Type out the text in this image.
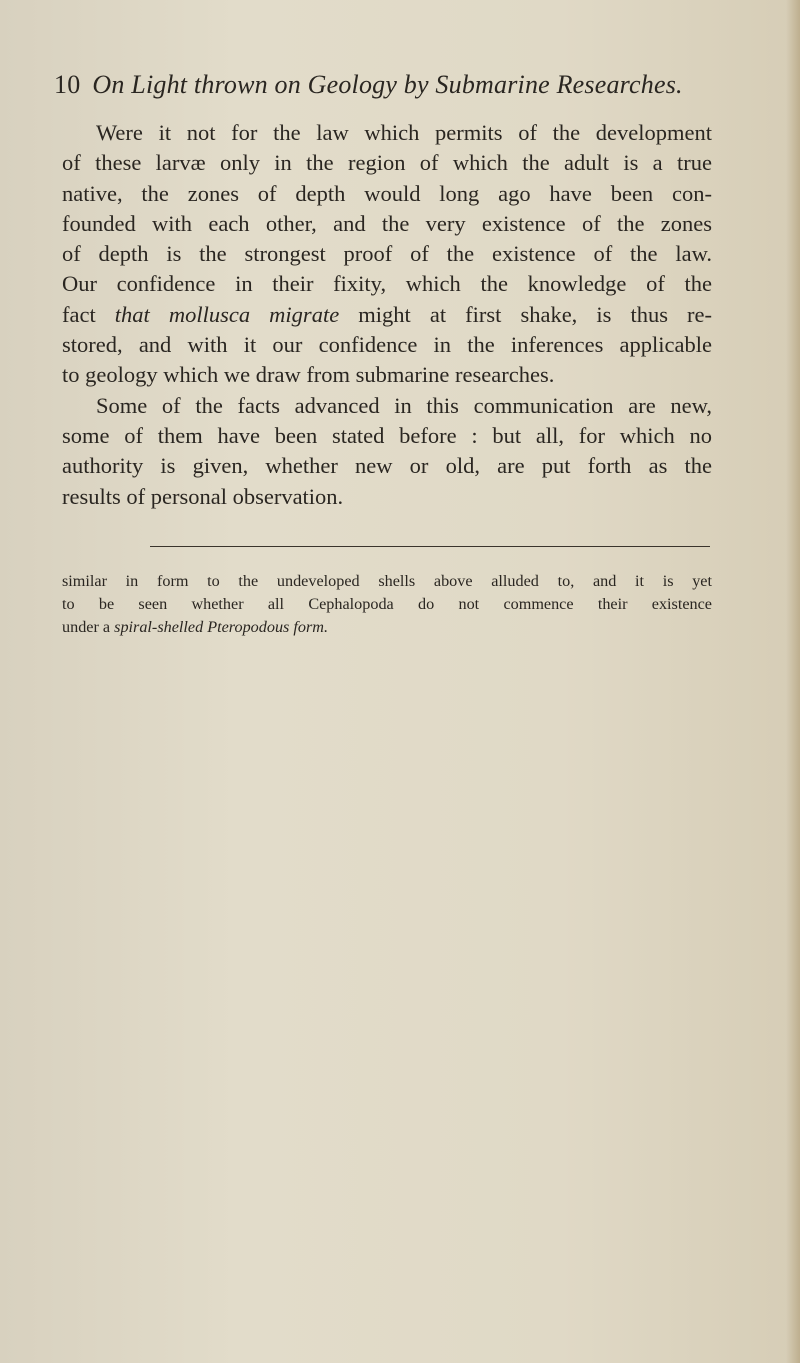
10 On Light thrown on Geology by Submarine Researches.
Were it not for the law which permits of the development
of these larvæ only in the region of which the adult is a true
native, the zones of depth would long ago have been con-
founded with each other, and the very existence of the zones
of depth is the strongest proof of the existence of the law.
Our confidence in their fixity, which the knowledge of the
fact that mollusca migrate might at first shake, is thus re-
stored, and with it our confidence in the inferences applicable
to geology which we draw from submarine researches.
Some of the facts advanced in this communication are new,
some of them have been stated before : but all, for which no
authority is given, whether new or old, are put forth as the
results of personal observation.
similar in form to the undeveloped shells above alluded to, and it is yet
to be seen whether all Cephalopoda do not commence their existence
under a spiral-shelled Pteropodous form.
